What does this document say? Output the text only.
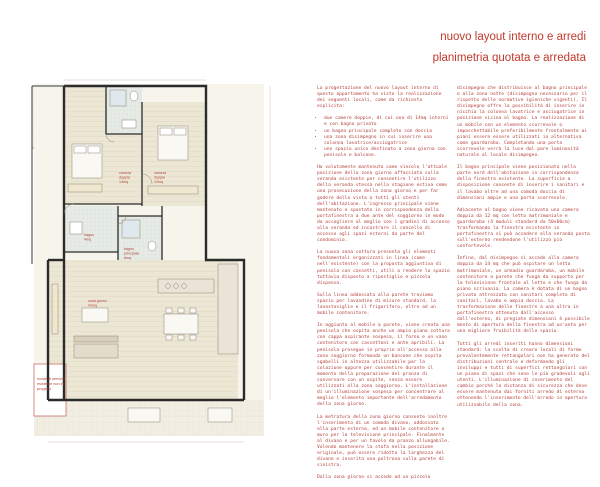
nuovo layout interno e arredi
planimetria quotata e arredata
camera doppia 14mq
camera doppia 12mq
bagno 4mq
bagno principale 6mq
zona giorno 41mq
locale di servizio esistente non in progetto

La progettazione del nuovo layout interno di questo appartamento ha visto la realizzazione dei seguenti locali, come da richiesta esplicita:

• due camere doppie, di cui una di 14mq interni e con bagno privato
• un bagno principale completo con doccia
• una zona disimpegno in cui inserire una colonna lavatrice/asciugatrice
• uno spazio unico destinato a zona giorno con penisola e balcone.

Ho volutamente mantenuto come vincolo l'attuale posizione della zona giorno affacciata sulla veranda esistente per consentire l'utilizzo della veranda stessa nella stagione estiva come una prosecuzione della zona giorno e per far godere della vista a tutti gli utenti dell'abitazione. L'ingresso principale viene mantenuto e spostato in corrispondenza della portafinestra a due ante del soggiorno in modo da accogliere al meglio con i gradini di accesso alla veranda ed incastrare il cancello di accesso agli spazi esterni da parte del condominio.

La nuova zona cottura presenta gli elementi fondamentali organizzati in linea (come nell'esistente) con la proposta aggiuntiva di penisola con cassetti, utili a rendere lo spazio tuttavia disposto a ripostiglio e piccola dispensa.

Sulla linea addossata alla parete troviamo spazio per lavandino di misure standard, la lavastoviglie e il frigorifero, oltre ad un mobile contenitore.

In aggiunta al mobile a parete, viene creata una penisola che ospita anche un ampio piano cottura con cappa aspirante sospesa, il forno e un vano contenitore con cassettoni e ante apribili. La penisola prosegue in proprio all'accesso alla zona soggiorno formando un bancone che ospita sgabelli in altezza utilizzabile per la colazione oppure per consentire durante il momento della preparazione del pranzo di conversare con un ospite, senza essere utilizzati alla zona soggiorno. L'installazione di un'illuminazione sospesa per concentrare al meglio l'elemento importante dell'arredamento della zona giorno.

La metratura della zona giorno consente inoltre l'inserimento di un comodo divano, addossato alla parte esterna, ed un mobile contenitore a muro per la televisione principale. Finalmente al divano e per un tavolo da pranzo allungabile. Volendo mantenere la stufa nella posizione originale, può essere ridotta la larghezza del divano e inserita una poltrona sulla parete di sinistra.

Dalla zona giorno si accede ad un piccolo

disimpegno che distribuisce al bagno principale e alla zona notte (disimpegno necessario per il rispetto delle normative igieniche vigenti). Il disimpegno offre la possibilità di inserire in nicchia la colonna lavatrice e asciugatrice in posizione vicina al bagno. La realizzazione di un mobile con un elemento scorrevole o impacchettabile preferibilmente frontalmente ai piani essere essere utilizzati in alternativa come guardaroba. Completando una porta scorrevole verrà la luce dal pare luminosità naturale al locale disimpegno.

Il bagno principale viene posizionato nella parte nord dell'abitazione in corrispondenza della finestra esistente. La superficie a disposizione consente di inserire i sanitari e il lavabo oltre ad una comoda doccia di dimensioni ampie e una porta scorrevole.

Adiacente al bagno viene ricavata una camera doppia da 12 mq con letto matrimoniale e guardaroba (4 moduli standard da 50x60cm) trasformando la finestra esistente in portafinestra si può accedere alla veranda posta sull'esterno rendendone l'utilizzo più confortevole.

Infine, dal disimpegno si accede alla camera doppia da 14 mq che può ospitare un letto matrimoniale, un armadio guardaroba, un mobile contenitore a parete che funga da supporto per la televisione frontale al letto e che funga da piano scrivania. La camera è dotata di un bagno privato attrezzato con sanitari completo di sanitari, lavabo e ampia doccia. La trasformazione delle finestre a una altra in portafinestra ottenuta dall'accesso dall'esterno, di pregiate dimensioni è possibile mento di apertura della finestra ad un'anta per una migliore fruibilità dello spazio.

Tutti gli arredi inseriti hanno dimensioni standard: la scelta di creare locali di forme prevalentemente rettangolari non ha generato del distribuzioni centrale e deformando gli inviluppi e tutti di superfici rettangolari con un piano di spazi che sono le più gradevoli agli utenti. L'illuminazione di inserimento del cambio perché la distanza di sicurezza che deve essere mantenuta dai forniti arredo di esterno ottenendo l'inserimento dell'arredo in apertura utilizzabile della zona.
